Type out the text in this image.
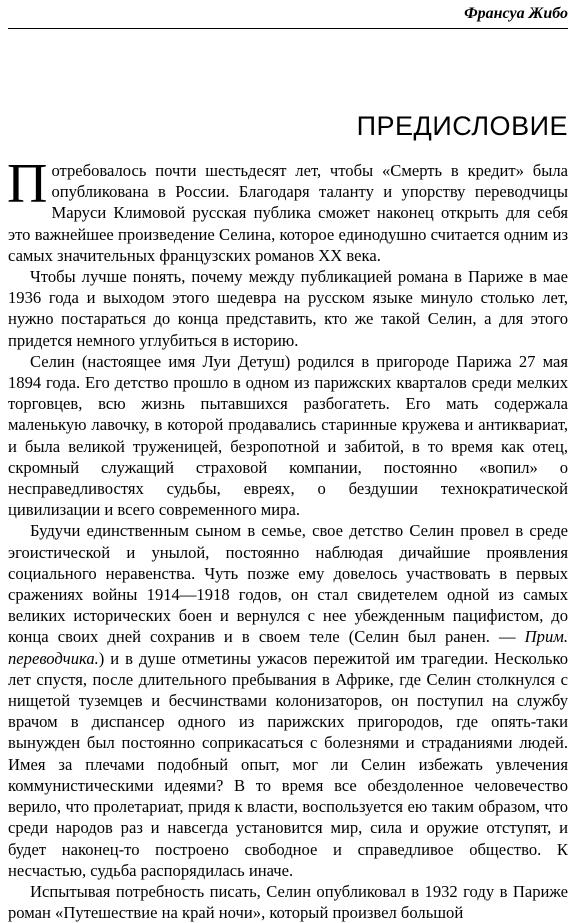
Франсуа Жибо
ПРЕДИСЛОВИЕ

Потребовалось почти шестьдесят лет, чтобы «Смерть в кредит» была опубликована в России. Благодаря таланту и упорству переводчицы Маруси Климовой русская публика сможет наконец открыть для себя это важнейшее произведение Селина, которое единодушно считается одним из самых значительных французских романов XX века.

Чтобы лучше понять, почему между публикацией романа в Париже в мае 1936 года и выходом этого шедевра на русском языке минуло столько лет, нужно постараться до конца представить, кто же такой Селин, а для этого придется немного углубиться в историю.

Селин (настоящее имя Луи Детуш) родился в пригороде Парижа 27 мая 1894 года. Его детство прошло в одном из парижских кварталов среди мелких торговцев, всю жизнь пытавшихся разбогатеть. Его мать содержала маленькую лавочку, в которой продавались старинные кружева и антиквариат, и была великой труженицей, безропотной и забитой, в то время как отец, скромный служащий страховой компании, постоянно «вопил» о несправедливостях судьбы, евреях, о бездушии технократической цивилизации и всего современного мира.

Будучи единственным сыном в семье, свое детство Селин провел в среде эгоистической и унылой, постоянно наблюдая дичайшие проявления социального неравенства. Чуть позже ему довелось участвовать в первых сражениях войны 1914—1918 годов, он стал свидетелем одной из самых великих исторических боен и вернулся с нее убежденным пацифистом, до конца своих дней сохранив и в своем теле (Селин был ранен. — Прим. переводчика.) и в душе отметины ужасов пережитой им трагедии. Несколько лет спустя, после длительного пребывания в Африке, где Селин столкнулся с нищетой туземцев и бесчинствами колонизаторов, он поступил на службу врачом в диспансер одного из парижских пригородов, где опять-таки вынужден был постоянно соприкасаться с болезнями и страданиями людей. Имея за плечами подобный опыт, мог ли Селин избежать увлечения коммунистическими идеями? В то время все обездоленное человечество верило, что пролетариат, придя к власти, воспользуется ею таким образом, что среди народов раз и навсегда установится мир, сила и оружие отступят, и будет наконец-то построено свободное и справедливое общество. К несчастью, судьба распорядилась иначе.

Испытывая потребность писать, Селин опубликовал в 1932 году в Париже роман «Путешествие на край ночи», который произвел большой
